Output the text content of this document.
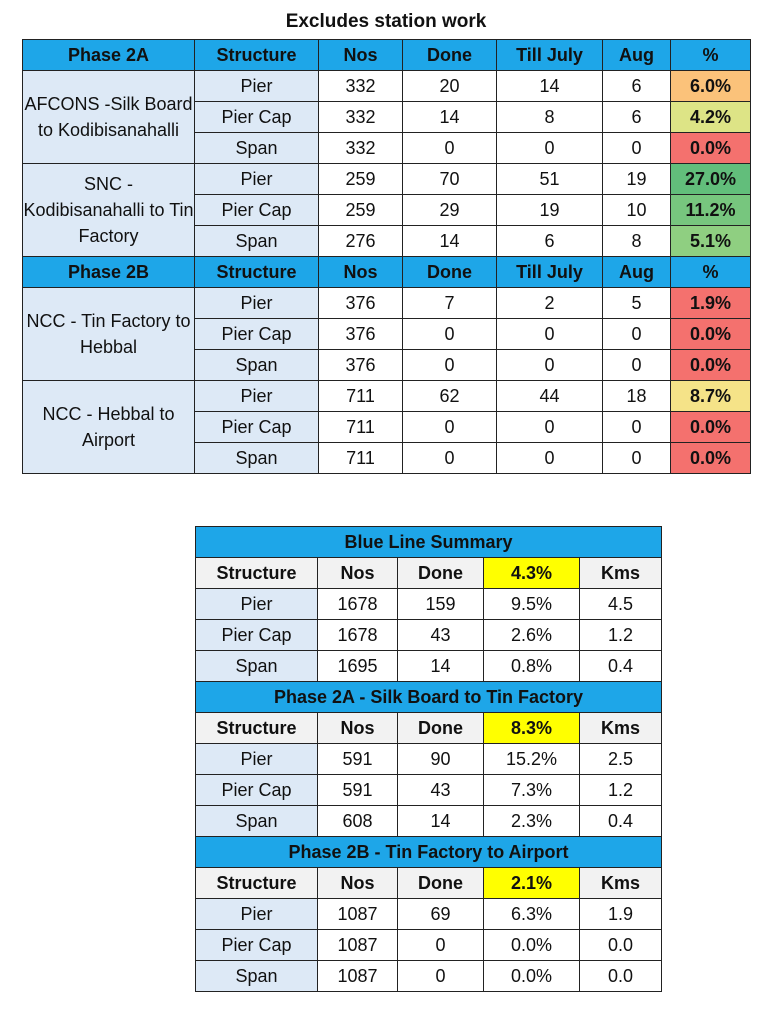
Excludes station work
Phase 2A	Structure	Nos	Done	Till July	Aug	%
AFCONS -Silk Board to Kodibisanahalli	Pier	332	20	14	6	6.0%
	Pier Cap	332	14	8	6	4.2%
	Span	332	0	0	0	0.0%
SNC - Kodibisanahalli to Tin Factory	Pier	259	70	51	19	27.0%
	Pier Cap	259	29	19	10	11.2%
	Span	276	14	6	8	5.1%
Phase 2B	Structure	Nos	Done	Till July	Aug	%
NCC - Tin Factory to Hebbal	Pier	376	7	2	5	1.9%
	Pier Cap	376	0	0	0	0.0%
	Span	376	0	0	0	0.0%
NCC - Hebbal to Airport	Pier	711	62	44	18	8.7%
	Pier Cap	711	0	0	0	0.0%
	Span	711	0	0	0	0.0%
Blue Line Summary				
Structure	Nos	Done	4.3%	Kms
Pier	1678	159	9.5%	4.5
Pier Cap	1678	43	2.6%	1.2
Span	1695	14	0.8%	0.4
Phase 2A - Silk Board to Tin Factory				
Structure	Nos	Done	8.3%	Kms
Pier	591	90	15.2%	2.5
Pier Cap	591	43	7.3%	1.2
Span	608	14	2.3%	0.4
Phase 2B - Tin Factory to Airport				
Structure	Nos	Done	2.1%	Kms
Pier	1087	69	6.3%	1.9
Pier Cap	1087	0	0.0%	0.0
Span	1087	0	0.0%	0.0
